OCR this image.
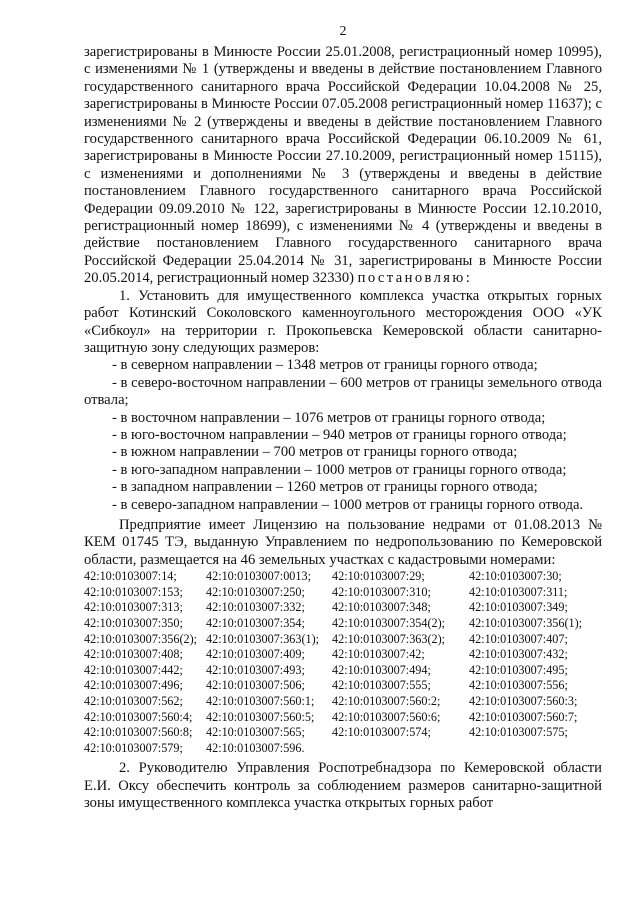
2

зарегистрированы в Минюсте России 25.01.2008, регистрационный номер 10995), с изменениями № 1 (утверждены и введены в действие постановлением Главного государственного санитарного врача Российской Федерации 10.04.2008 № 25, зарегистрированы в Минюсте России 07.05.2008 регистрационный номер 11637); с изменениями № 2 (утверждены и введены в действие постановлением Главного государственного санитарного врача Российской Федерации 06.10.2009 № 61, зарегистрированы в Минюсте России 27.10.2009, регистрационный номер 15115), с изменениями и дополнениями № 3 (утверждены и введены в действие постановлением Главного государственного санитарного врача Российской Федерации 09.09.2010 № 122, зарегистрированы в Минюсте России 12.10.2010, регистрационный номер 18699), с изменениями № 4 (утверждены и введены в действие постановлением Главного государственного санитарного врача Российской Федерации 25.04.2014 № 31, зарегистрированы в Минюсте России 20.05.2014, регистрационный номер 32330) постановляю:

1. Установить для имущественного комплекса участка открытых горных работ Котинский Соколовского каменноугольного месторождения ООО «УК «Сибкоул» на территории г. Прокопьевска Кемеровской области санитарно-защитную зону следующих размеров:

- в северном направлении – 1348 метров от границы горного отвода;

- в северо-восточном направлении – 600 метров от границы земельного отвода отвала;

- в восточном направлении – 1076 метров от границы горного отвода;

- в юго-восточном направлении – 940 метров от границы горного отвода;

- в южном направлении – 700 метров от границы горного отвода;

- в юго-западном направлении – 1000 метров от границы горного отвода;

- в западном направлении – 1260 метров от границы горного отвода;

- в северо-западном направлении – 1000 метров от границы горного отвода.

Предприятие имеет Лицензию на пользование недрами от 01.08.2013 № КЕМ 01745 ТЭ, выданную Управлением по недропользованию по Кемеровской области, размещается на 46 земельных участках с кадастровыми номерами:

42:10:0103007:14;	42:10:0103007:0013;	42:10:0103007:29;	42:10:0103007:30;
42:10:0103007:153;	42:10:0103007:250;	42:10:0103007:310;	42:10:0103007:311;
42:10:0103007:313;	42:10:0103007:332;	42:10:0103007:348;	42:10:0103007:349;
42:10:0103007:350;	42:10:0103007:354;	42:10:0103007:354(2);	42:10:0103007:356(1);
42:10:0103007:356(2); 42:10:0103007:363(1);	42:10:0103007:363(2);	42:10:0103007:407;
42:10:0103007:408;	42:10:0103007:409;	42:10:0103007:42;	42:10:0103007:432;
42:10:0103007:442;	42:10:0103007:493;	42:10:0103007:494;	42:10:0103007:495;
42:10:0103007:496;	42:10:0103007:506;	42:10:0103007:555;	42:10:0103007:556;
42:10:0103007:562;	42:10:0103007:560:1;	42:10:0103007:560:2;	42:10:0103007:560:3;
42:10:0103007:560:4;	42:10:0103007:560:5;	42:10:0103007:560:6;	42:10:0103007:560:7;
42:10:0103007:560:8;	42:10:0103007:565;	42:10:0103007:574;	42:10:0103007:575;
42:10:0103007:579;	42:10:0103007:596.

2. Руководителю Управления Роспотребнадзора по Кемеровской области Е.И. Оксу обеспечить контроль за соблюдением размеров санитарно-защитной зоны имущественного комплекса участка открытых горных работ
